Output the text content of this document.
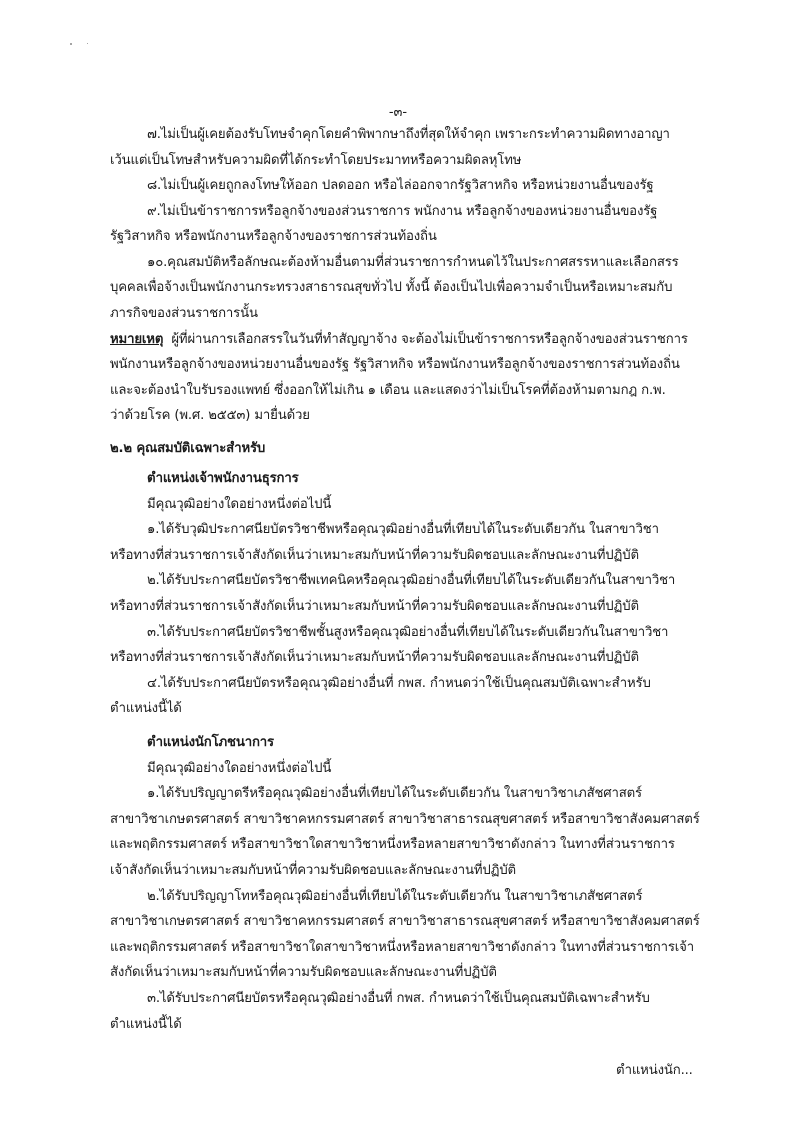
-๓-
๗.ไม่เป็นผู้เคยต้องรับโทษจำคุกโดยคำพิพากษาถึงที่สุดให้จำคุก เพราะกระทำความผิดทางอาญา
เว้นแต่เป็นโทษสำหรับความผิดที่ได้กระทำโดยประมาทหรือความผิดลหุโทษ
๘.ไม่เป็นผู้เคยถูกลงโทษให้ออก ปลดออก หรือไล่ออกจากรัฐวิสาหกิจ หรือหน่วยงานอื่นของรัฐ
๙.ไม่เป็นข้าราชการหรือลูกจ้างของส่วนราชการ พนักงาน หรือลูกจ้างของหน่วยงานอื่นของรัฐ
รัฐวิสาหกิจ หรือพนักงานหรือลูกจ้างของราชการส่วนท้องถิ่น
๑๐.คุณสมบัติหรือลักษณะต้องห้ามอื่นตามที่ส่วนราชการกำหนดไว้ในประกาศสรรหาและเลือกสรร
บุคคลเพื่อจ้างเป็นพนักงานกระทรวงสาธารณสุขทั่วไป ทั้งนี้ ต้องเป็นไปเพื่อความจำเป็นหรือเหมาะสมกับ
ภารกิจของส่วนราชการนั้น
หมายเหตุ ผู้ที่ผ่านการเลือกสรรในวันที่ทำสัญญาจ้าง จะต้องไม่เป็นข้าราชการหรือลูกจ้างของส่วนราชการ
พนักงานหรือลูกจ้างของหน่วยงานอื่นของรัฐ รัฐวิสาหกิจ หรือพนักงานหรือลูกจ้างของราชการส่วนท้องถิ่น
และจะต้องนำใบรับรองแพทย์ ซึ่งออกให้ไม่เกิน ๑ เดือน และแสดงว่าไม่เป็นโรคที่ต้องห้ามตามกฎ ก.พ.
ว่าด้วยโรค (พ.ศ. ๒๕๕๓) มายื่นด้วย
๒.๒ คุณสมบัติเฉพาะสำหรับ
ตำแหน่งเจ้าพนักงานธุรการ
มีคุณวุฒิอย่างใดอย่างหนึ่งต่อไปนี้
๑.ได้รับวุฒิประกาศนียบัตรวิชาชีพหรือคุณวุฒิอย่างอื่นที่เทียบได้ในระดับเดียวกัน ในสาขาวิชา
หรือทางที่ส่วนราชการเจ้าสังกัดเห็นว่าเหมาะสมกับหน้าที่ความรับผิดชอบและลักษณะงานที่ปฏิบัติ
๒.ได้รับประกาศนียบัตรวิชาชีพเทคนิคหรือคุณวุฒิอย่างอื่นที่เทียบได้ในระดับเดียวกันในสาขาวิชา
หรือทางที่ส่วนราชการเจ้าสังกัดเห็นว่าเหมาะสมกับหน้าที่ความรับผิดชอบและลักษณะงานที่ปฏิบัติ
๓.ได้รับประกาศนียบัตรวิชาชีพชั้นสูงหรือคุณวุฒิอย่างอื่นที่เทียบได้ในระดับเดียวกันในสาขาวิชา
หรือทางที่ส่วนราชการเจ้าสังกัดเห็นว่าเหมาะสมกับหน้าที่ความรับผิดชอบและลักษณะงานที่ปฏิบัติ
๔.ได้รับประกาศนียบัตรหรือคุณวุฒิอย่างอื่นที่ กพส. กำหนดว่าใช้เป็นคุณสมบัติเฉพาะสำหรับ
ตำแหน่งนี้ได้
ตำแหน่งนักโภชนาการ
มีคุณวุฒิอย่างใดอย่างหนึ่งต่อไปนี้
๑.ได้รับปริญญาตรีหรือคุณวุฒิอย่างอื่นที่เทียบได้ในระดับเดียวกัน ในสาขาวิชาเภสัชศาสตร์
สาขาวิชาเกษตรศาสตร์ สาขาวิชาคหกรรมศาสตร์ สาขาวิชาสาธารณสุขศาสตร์ หรือสาขาวิชาสังคมศาสตร์
และพฤติกรรมศาสตร์ หรือสาขาวิชาใดสาขาวิชาหนึ่งหรือหลายสาขาวิชาดังกล่าว ในทางที่ส่วนราชการ
เจ้าสังกัดเห็นว่าเหมาะสมกับหน้าที่ความรับผิดชอบและลักษณะงานที่ปฏิบัติ
๒.ได้รับปริญญาโทหรือคุณวุฒิอย่างอื่นที่เทียบได้ในระดับเดียวกัน ในสาขาวิชาเภสัชศาสตร์
สาขาวิชาเกษตรศาสตร์ สาขาวิชาคหกรรมศาสตร์ สาขาวิชาสาธารณสุขศาสตร์ หรือสาขาวิชาสังคมศาสตร์
และพฤติกรรมศาสตร์ หรือสาขาวิชาใดสาขาวิชาหนึ่งหรือหลายสาขาวิชาดังกล่าว ในทางที่ส่วนราชการเจ้า
สังกัดเห็นว่าเหมาะสมกับหน้าที่ความรับผิดชอบและลักษณะงานที่ปฏิบัติ
๓.ได้รับประกาศนียบัตรหรือคุณวุฒิอย่างอื่นที่ กพส. กำหนดว่าใช้เป็นคุณสมบัติเฉพาะสำหรับ
ตำแหน่งนี้ได้
ตำแหน่งนัก...
